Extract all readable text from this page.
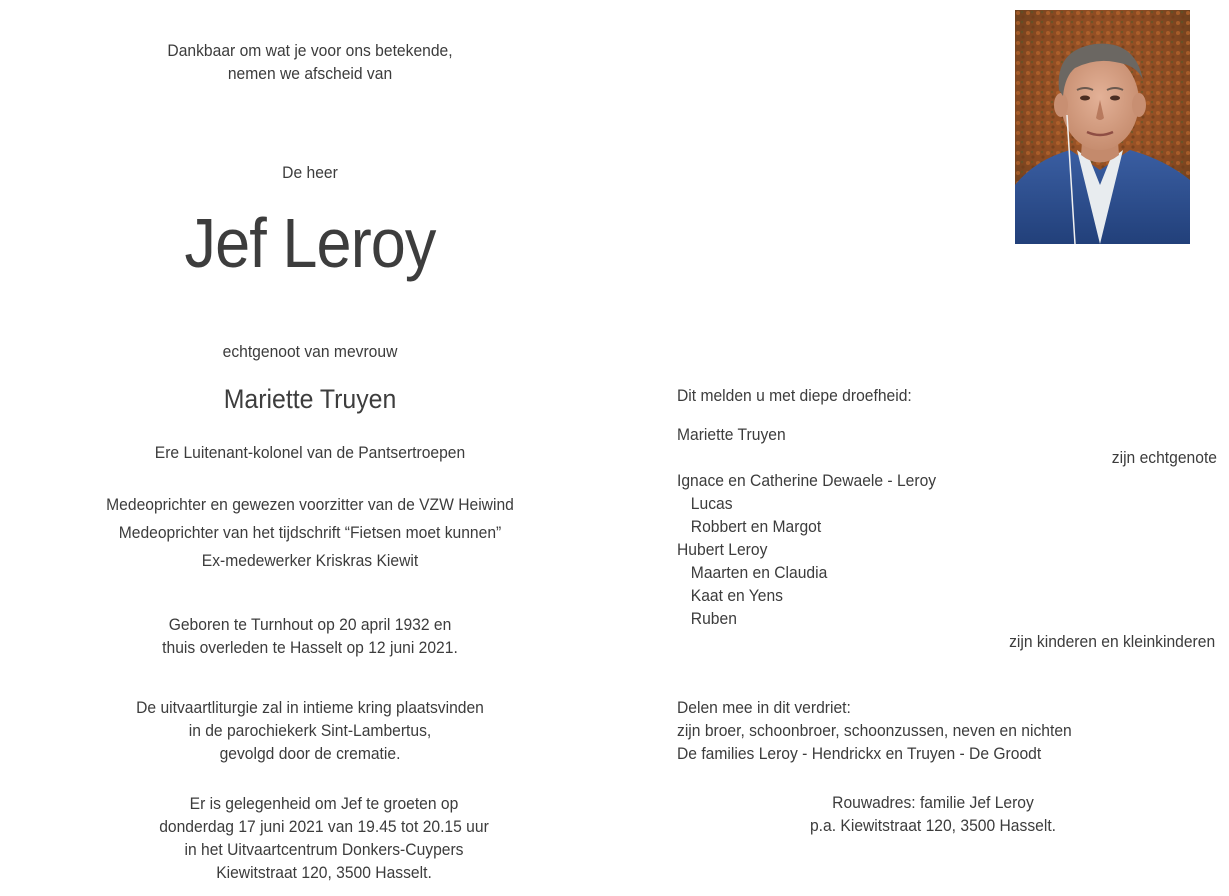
Dankbaar om wat je voor ons betekende,
nemen we afscheid van
De heer
Jef Leroy
echtgenoot van mevrouw
Mariette Truyen
Ere Luitenant-kolonel van de Pantsertroepen
Medeoprichter en gewezen voorzitter van de VZW Heiwind
Medeoprichter van het tijdschrift “Fietsen moet kunnen”
Ex-medewerker Kriskras Kiewit
Geboren te Turnhout op 20 april 1932 en
thuis overleden te Hasselt op 12 juni 2021.
De uitvaartliturgie zal in intieme kring plaatsvinden
in de parochiekerk Sint-Lambertus,
gevolgd door de crematie.
Er is gelegenheid om Jef te groeten op
donderdag 17 juni 2021 van 19.45 tot 20.15 uur
in het Uitvaartcentrum Donkers-Cuypers
Kiewitstraat 120, 3500 Hasselt.
Dit melden u met diepe droefheid:
Mariette Truyen
zijn echtgenote
Ignace en Catherine Dewaele - Leroy
Lucas
Robbert en Margot
Hubert Leroy
Maarten en Claudia
Kaat en Yens
Ruben
zijn kinderen en kleinkinderen
Delen mee in dit verdriet:
zijn broer, schoonbroer, schoonzussen, neven en nichten
De families Leroy - Hendrickx en Truyen - De Groodt
Rouwadres: familie Jef Leroy
p.a. Kiewitstraat 120, 3500 Hasselt.
